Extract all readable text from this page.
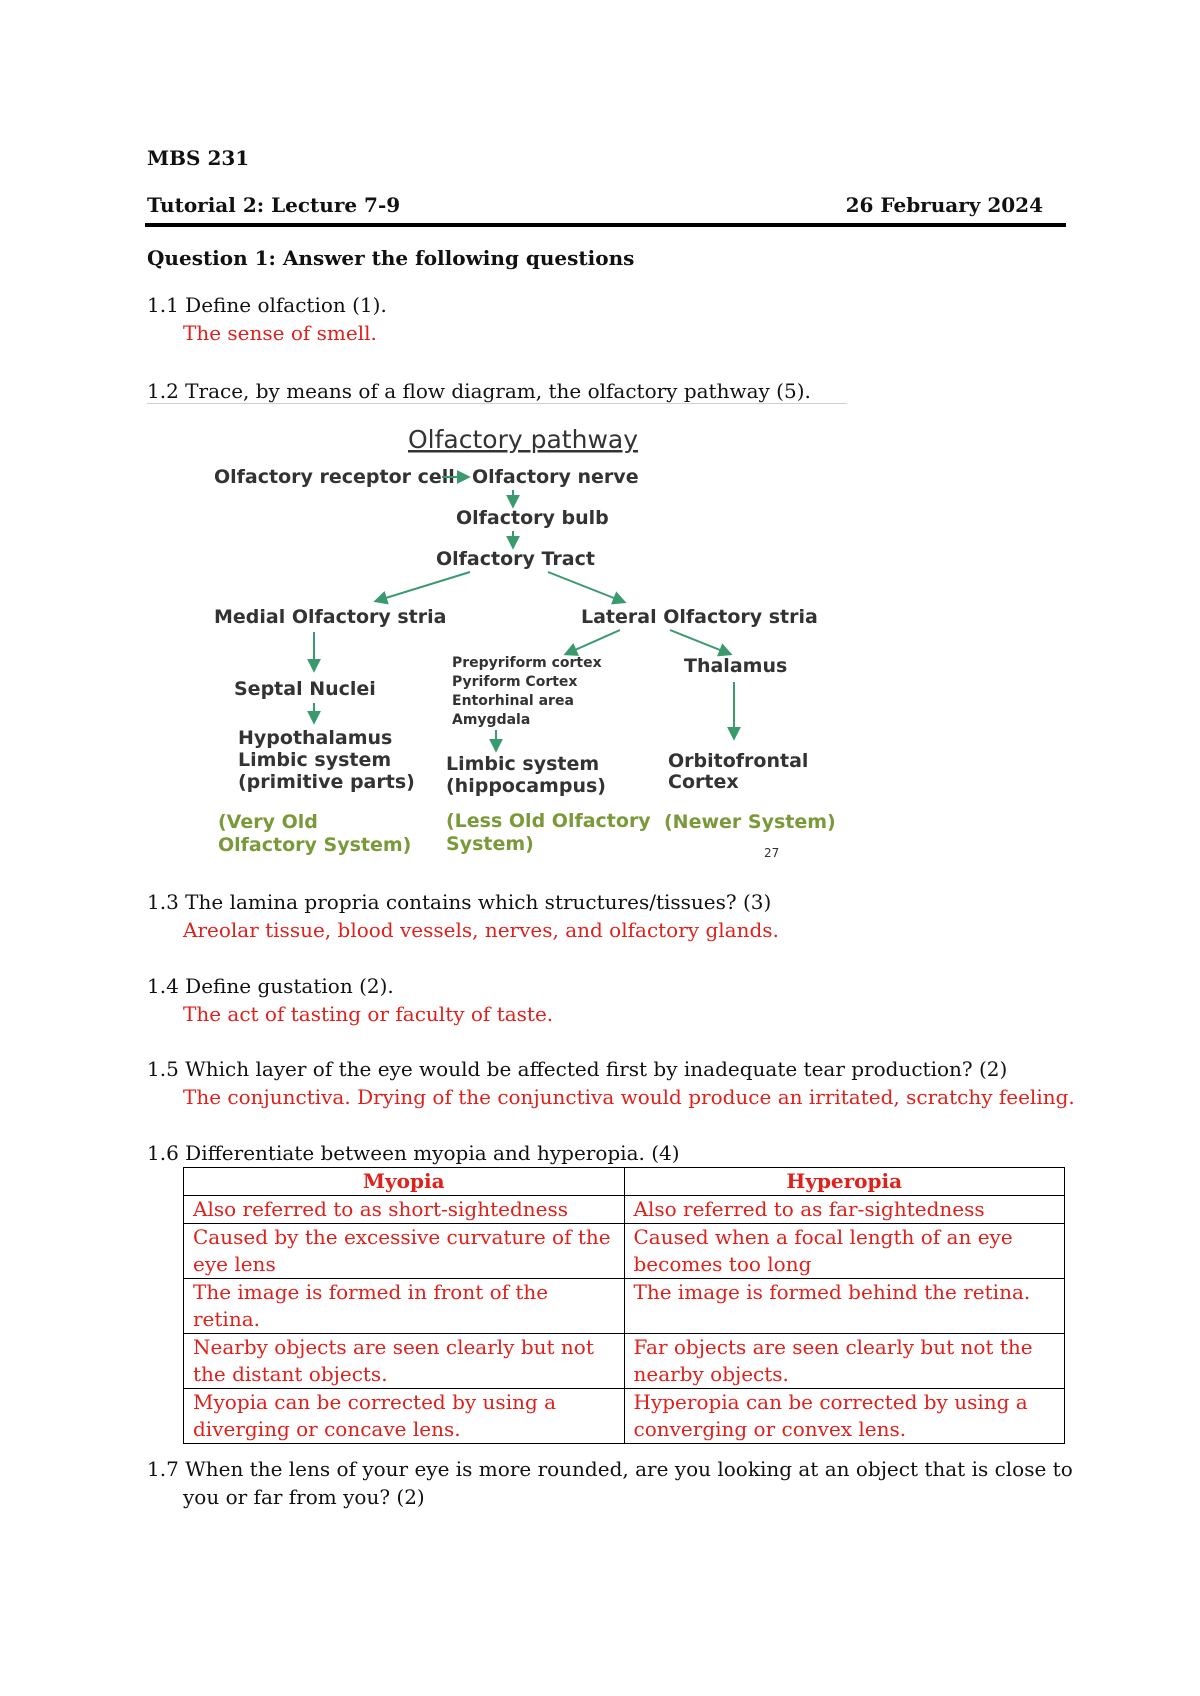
MBS 231
Tutorial 2: Lecture 7-9	26 February 2024
Question 1: Answer the following questions
1.1 Define olfaction (1).
The sense of smell.
1.2 Trace, by means of a flow diagram, the olfactory pathway (5).
Olfactory pathway
Olfactory receptor cell Olfactory nerve
Olfactory bulb
Olfactory Tract
Medial Olfactory stria	Lateral Olfactory stria
Septal Nuclei
Hypothalamus
Limbic system
(primitive parts)
Prepyriform cortex
Pyriform Cortex
Entorhinal area
Amygdala
Limbic system
(hippocampus)
Thalamus
Orbitofrontal
Cortex
(Very Old
Olfactory System)
(Less Old Olfactory
System)
(Newer System)
27
1.3 The lamina propria contains which structures/tissues? (3)
Areolar tissue, blood vessels, nerves, and olfactory glands.
1.4 Define gustation (2).
The act of tasting or faculty of taste.
1.5 Which layer of the eye would be affected first by inadequate tear production? (2)
The conjunctiva. Drying of the conjunctiva would produce an irritated, scratchy feeling.
1.6 Differentiate between myopia and hyperopia. (4)
Myopia	Hyperopia
Also referred to as short-sightedness	Also referred to as far-sightedness
Caused by the excessive curvature of the eye lens	Caused when a focal length of an eye becomes too long
The image is formed in front of the retina.	The image is formed behind the retina.
Nearby objects are seen clearly but not the distant objects.	Far objects are seen clearly but not the nearby objects.
Myopia can be corrected by using a diverging or concave lens.	Hyperopia can be corrected by using a converging or convex lens.
1.7 When the lens of your eye is more rounded, are you looking at an object that is close to
you or far from you? (2)
